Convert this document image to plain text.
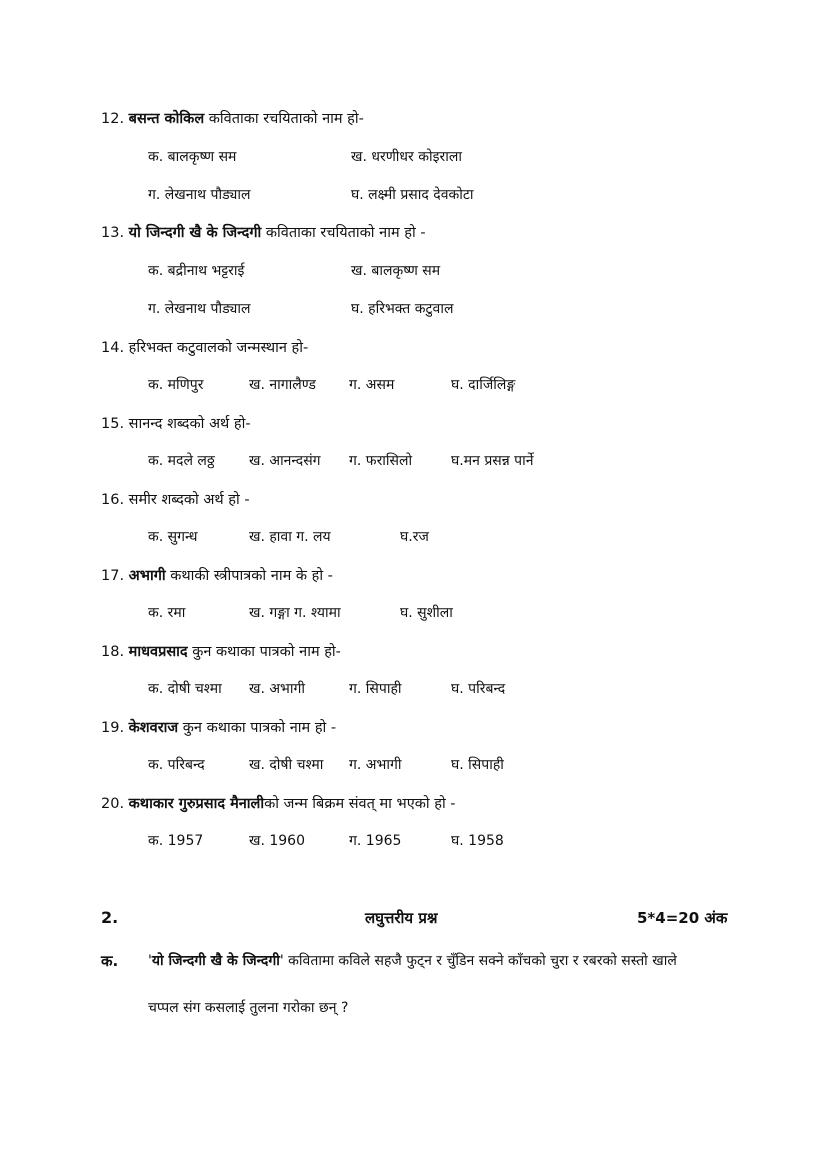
12. बसन्त कोकिल कविताका रचयिताको नाम हो-
क. बालकृष्ण सम	ख. धरणीधर कोइराला
ग. लेखनाथ पौड्याल	घ. लक्ष्मी प्रसाद देवकोटा
13. यो जिन्दगी खै के जिन्दगी कविताका रचयिताको नाम हो -
क. बद्रीनाथ भट्टराई	ख. बालकृष्ण सम
ग. लेखनाथ पौड्याल	घ. हरिभक्त कटुवाल
14. हरिभक्त कटुवालको जन्मस्थान हो-
क. मणिपुर	ख. नागालैण्ड ग. असम	घ. दार्जिलिङ्ग
15. सानन्द शब्दको अर्थ हो-
क. मदले लठ्ठ ख. आनन्दसंग ग. फरासिलो	घ.मन प्रसन्न पार्ने
16. समीर शब्दको अर्थ हो -
क. सुगन्ध	ख. हावा ग. लय	घ.रज
17. अभागी कथाकी स्त्रीपात्रको नाम के हो -
क. रमा	ख. गङ्गा ग. श्यामा	घ. सुशीला
18. माधवप्रसाद कुन कथाका पात्रको नाम हो-
क. दोषी चश्मा ख. अभागी	ग. सिपाही	घ. परिबन्द
19. केशवराज कुन कथाका पात्रको नाम हो -
क. परिबन्द	ख. दोषी चश्मा ग. अभागी	घ. सिपाही
20. कथाकार गुरुप्रसाद मैनालीको जन्म बिक्रम संवत् मा भएको हो -
क. 1957	ख. 1960	ग. 1965	घ. 1958
2.	लघुत्तरीय प्रश्न	5*4=20 अंक
क. 'यो जिन्दगी खै के जिन्दगी' कवितामा कविले सहजै फुट्न र चुँडिन सक्ने काँचको चुरा र रबरको सस्तो खाले
चप्पल संग कसलाई तुलना गरोका छन् ?
